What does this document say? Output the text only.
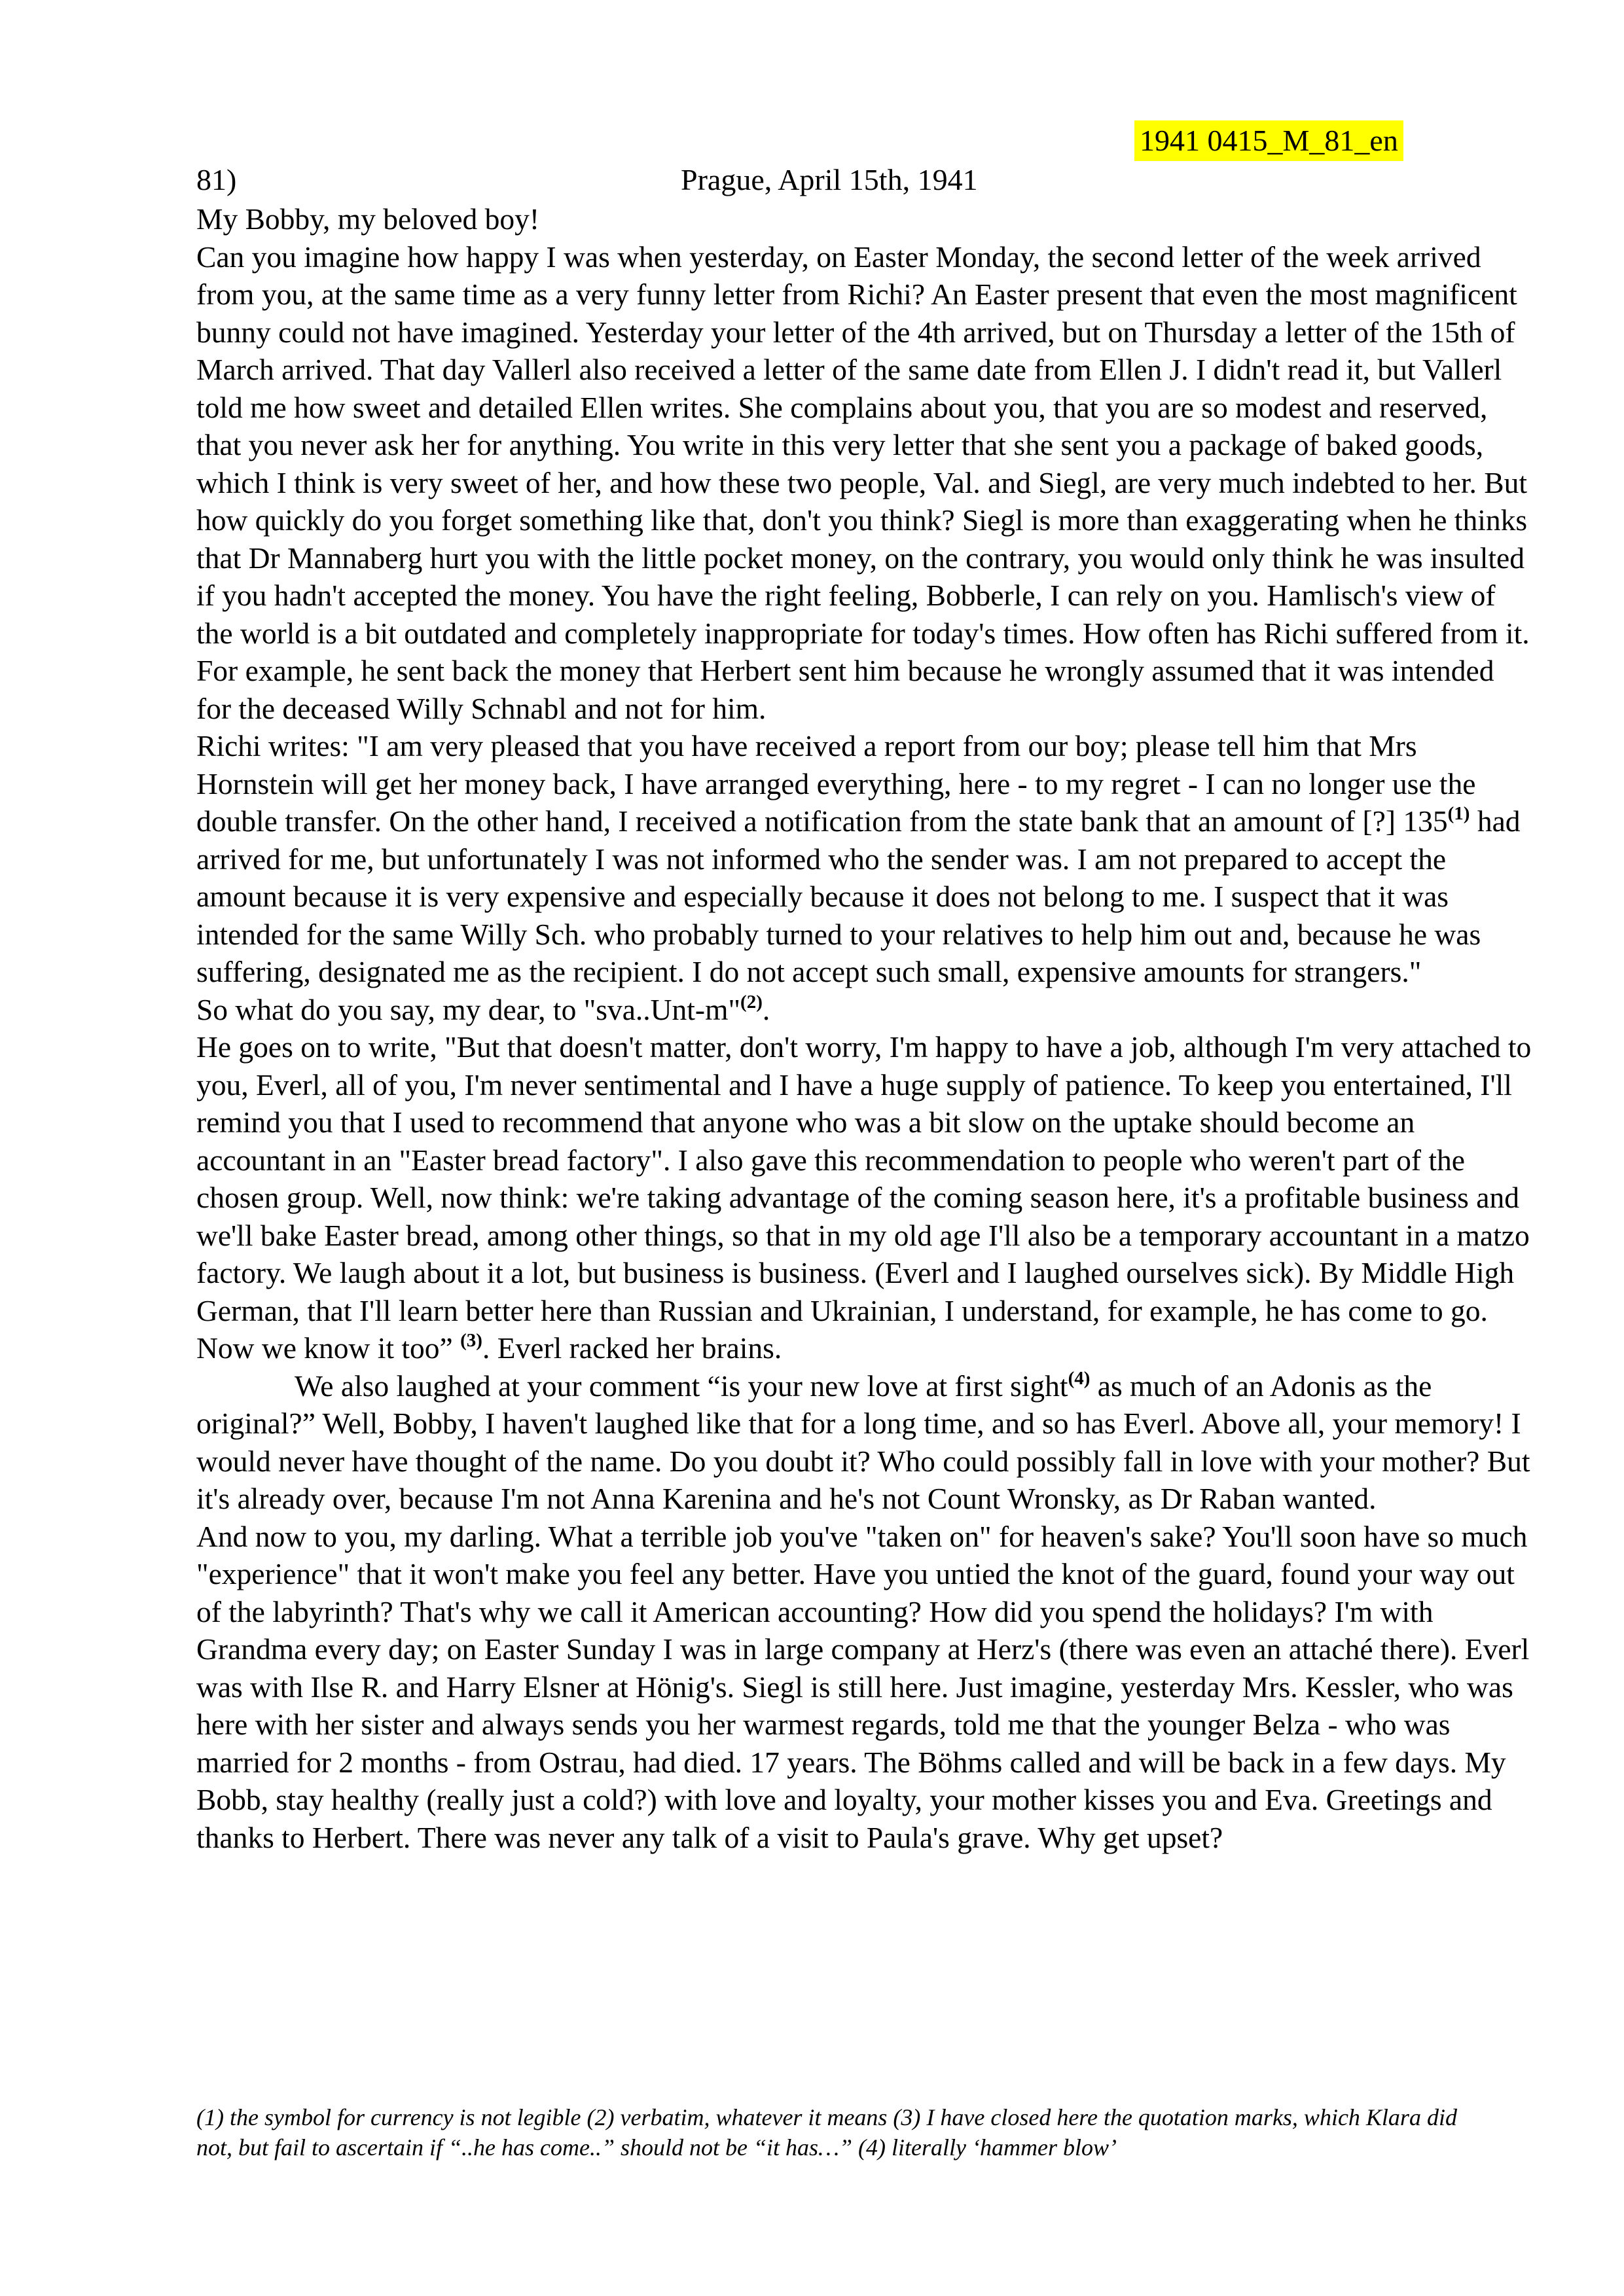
1941 0415_M_81_en
81)	Prague, April 15th, 1941

My Bobby, my beloved boy!

Can you imagine how happy I was when yesterday, on Easter Monday, the second letter of the week arrived from you, at the same time as a very funny letter from Richi? An Easter present that even the most magnificent bunny could not have imagined. Yesterday your letter of the 4th arrived, but on Thursday a letter of the 15th of March arrived. That day Vallerl also received a letter of the same date from Ellen J. I didn't read it, but Vallerl told me how sweet and detailed Ellen writes. She complains about you, that you are so modest and reserved, that you never ask her for anything. You write in this very letter that she sent you a package of baked goods, which I think is very sweet of her, and how these two people, Val. and Siegl, are very much indebted to her. But how quickly do you forget something like that, don't you think? Siegl is more than exaggerating when he thinks that Dr Mannaberg hurt you with the little pocket money, on the contrary, you would only think he was insulted if you hadn't accepted the money. You have the right feeling, Bobberle, I can rely on you. Hamlisch's view of the world is a bit outdated and completely inappropriate for today's times. How often has Richi suffered from it. For example, he sent back the money that Herbert sent him because he wrongly assumed that it was intended for the deceased Willy Schnabl and not for him.

Richi writes: "I am very pleased that you have received a report from our boy; please tell him that Mrs Hornstein will get her money back, I have arranged everything, here - to my regret - I can no longer use the double transfer. On the other hand, I received a notification from the state bank that an amount of [?] 135$^{(1)}$ had arrived for me, but unfortunately I was not informed who the sender was. I am not prepared to accept the amount because it is very expensive and especially because it does not belong to me. I suspect that it was intended for the same Willy Sch. who probably turned to your relatives to help him out and, because he was suffering, designated me as the recipient. I do not accept such small, expensive amounts for strangers."

So what do you say, my dear, to "sva..Unt-m"$^{(2)}$.

He goes on to write, "But that doesn't matter, don't worry, I'm happy to have a job, although I'm very attached to you, Everl, all of you, I'm never sentimental and I have a huge supply of patience. To keep you entertained, I'll remind you that I used to recommend that anyone who was a bit slow on the uptake should become an accountant in an "Easter bread factory". I also gave this recommendation to people who weren't part of the chosen group. Well, now think: we're taking advantage of the coming season here, it's a profitable business and we'll bake Easter bread, among other things, so that in my old age I'll also be a temporary accountant in a matzo factory. We laugh about it a lot, but business is business. (Everl and I laughed ourselves sick). By Middle High German, that I'll learn better here than Russian and Ukrainian, I understand, for example, he has come to go. Now we know it too” $^{(3)}$. Everl racked her brains.

We also laughed at your comment “is your new love at first sight$^{(4)}$ as much of an Adonis as the original?” Well, Bobby, I haven't laughed like that for a long time, and so has Everl. Above all, your memory! I would never have thought of the name. Do you doubt it? Who could possibly fall in love with your mother? But it's already over, because I'm not Anna Karenina and he's not Count Wronsky, as Dr Raban wanted.

And now to you, my darling. What a terrible job you've "taken on" for heaven's sake? You'll soon have so much "experience" that it won't make you feel any better. Have you untied the knot of the guard, found your way out of the labyrinth? That's why we call it American accounting? How did you spend the holidays? I'm with Grandma every day; on Easter Sunday I was in large company at Herz's (there was even an attaché there). Everl was with Ilse R. and Harry Elsner at Hönig's. Siegl is still here. Just imagine, yesterday Mrs. Kessler, who was here with her sister and always sends you her warmest regards, told me that the younger Belza - who was married for 2 months - from Ostrau, had died. 17 years. The Böhms called and will be back in a few days. My Bobb, stay healthy (really just a cold?) with love and loyalty, your mother kisses you and Eva. Greetings and thanks to Herbert. There was never any talk of a visit to Paula's grave. Why get upset?

(1) the symbol for currency is not legible (2) verbatim, whatever it means (3) I have closed here the quotation marks, which Klara did not, but fail to ascertain if “..he has come..” should not be “it has…” (4) literally ‘hammer blow’
